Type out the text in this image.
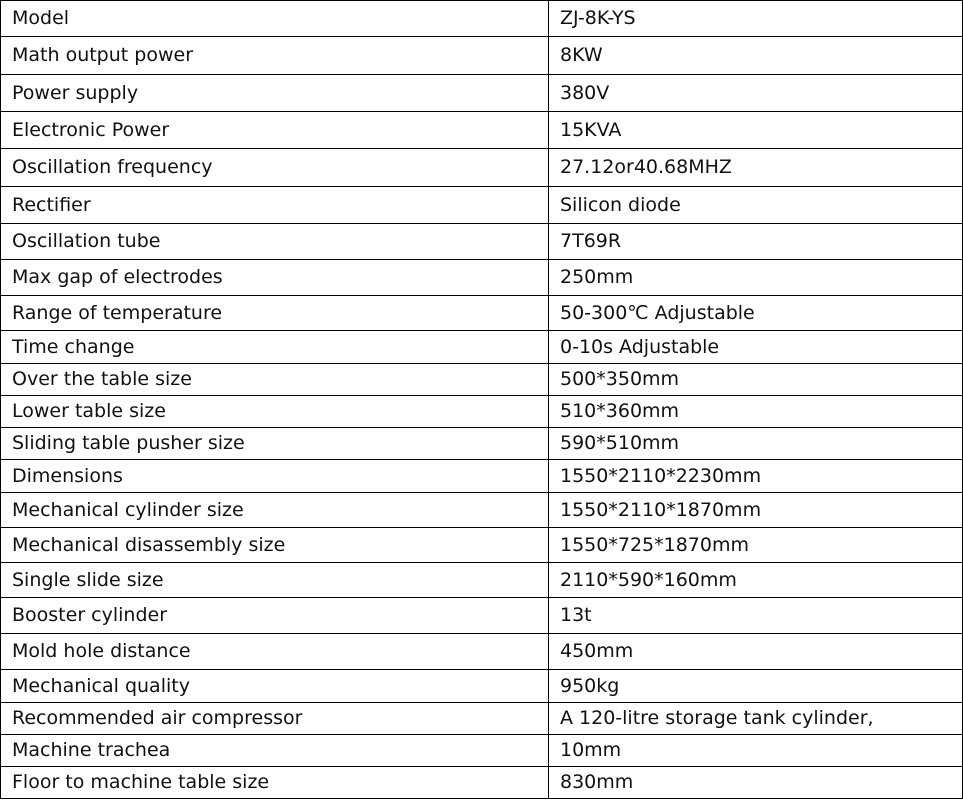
Model	ZJ-8K-YS
Math output power	8KW
Power supply	380V
Electronic Power	15KVA
Oscillation frequency	27.12or40.68MHZ
Rectifier	Silicon diode
Oscillation tube	7T69R
Max gap of electrodes	250mm
Range of temperature	50-300℃ Adjustable
Time change	0-10s Adjustable
Over the table size	500*350mm
Lower table size	510*360mm
Sliding table pusher size	590*510mm
Dimensions	1550*2110*2230mm
Mechanical cylinder size	1550*2110*1870mm
Mechanical disassembly size	1550*725*1870mm
Single slide size	2110*590*160mm
Booster cylinder	13t
Mold hole distance	450mm
Mechanical quality	950kg
Recommended air compressor	A 120-litre storage tank cylinder,
Machine trachea	10mm
Floor to machine table size	830mm
